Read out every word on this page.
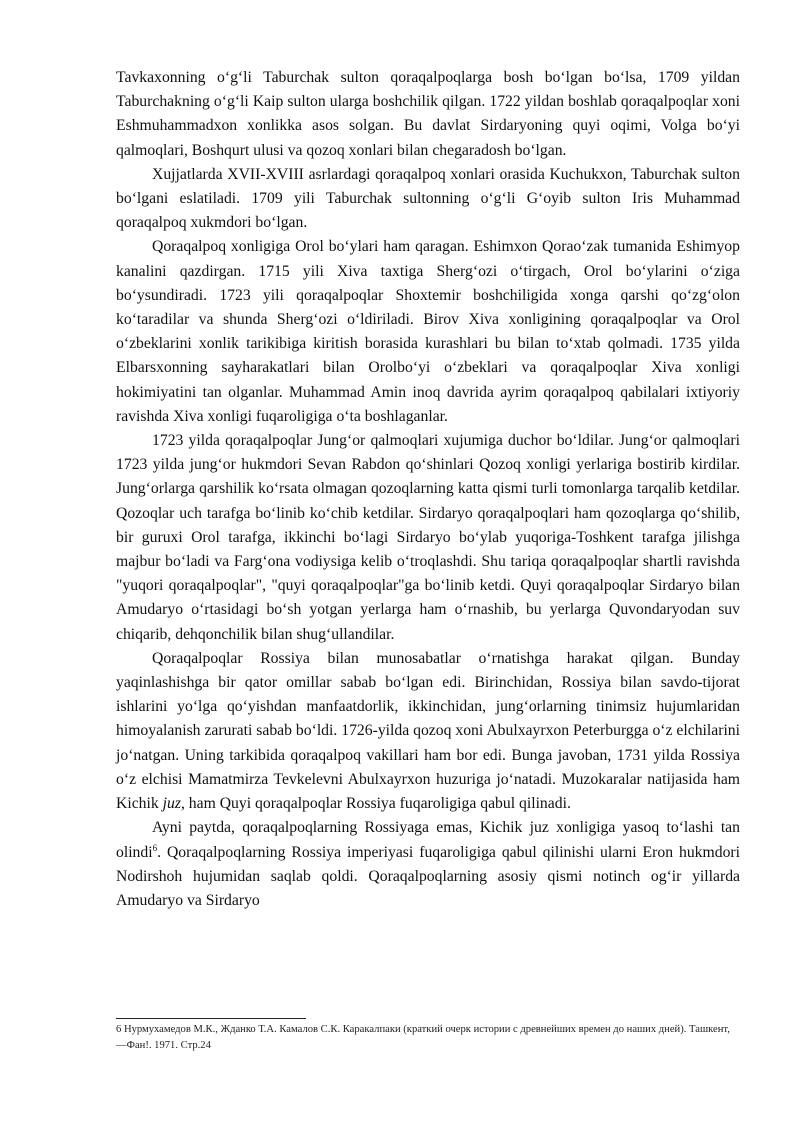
Tavkaxonning o‘g‘li Taburchak sulton qoraqalpoqlarga bosh bo‘lgan bo‘lsa, 1709 yildan Taburchakning o‘g‘li Kaip sulton ularga boshchilik qilgan. 1722 yildan boshlab qoraqalpoqlar xoni Eshmuhammadxon xonlikka asos solgan. Bu davlat Sirdaryoning quyi oqimi, Volga bo‘yi qalmoqlari, Boshqurt ulusi va qozoq xonlari bilan chegaradosh bo‘lgan.

Xujjatlarda XVII-XVIII asrlardagi qoraqalpoq xonlari orasida Kuchukxon, Taburchak sulton bo‘lgani eslatiladi. 1709 yili Taburchak sultonning o‘g‘li G‘oyib sulton Iris Muhammad qoraqalpoq xukmdori bo‘lgan.

Qoraqalpoq xonligiga Orol bo‘ylari ham qaragan. Eshimxon Qorao‘zak tumanida Eshimyop kanalini qazdirgan. 1715 yili Xiva taxtiga Sherg‘ozi o‘tirgach, Orol bo‘ylarini o‘ziga bo‘ysundiradi. 1723 yili qoraqalpoqlar Shoxtemir boshchiligida xonga qarshi qo‘zg‘olon ko‘taradilar va shunda Sherg‘ozi o‘ldiriladi. Birov Xiva xonligining qoraqalpoqlar va Orol o‘zbeklarini xonlik tarikibiga kiritish borasida kurashlari bu bilan to‘xtab qolmadi. 1735 yilda Elbarsxonning sayharakatlari bilan Orolbo‘yi o‘zbeklari va qoraqalpoqlar Xiva xonligi hokimiyatini tan olganlar. Muhammad Amin inoq davrida ayrim qoraqalpoq qabilalari ixtiyoriy ravishda Xiva xonligi fuqaroligiga o‘ta boshlaganlar.

1723 yilda qoraqalpoqlar Jung‘or qalmoqlari xujumiga duchor bo‘ldilar. Jung‘or qalmoqlari 1723 yilda jung‘or hukmdori Sevan Rabdon qo‘shinlari Qozoq xonligi yerlariga bostirib kirdilar. Jung‘orlarga qarshilik ko‘rsata olmagan qozoqlarning katta qismi turli tomonlarga tarqalib ketdilar. Qozoqlar uch tarafga bo‘linib ko‘chib ketdilar. Sirdaryo qoraqalpoqlari ham qozoqlarga qo‘shilib, bir guruxi Orol tarafga, ikkinchi bo‘lagi Sirdaryo bo‘ylab yuqoriga-Toshkent tarafga jilishga majbur bo‘ladi va Farg‘ona vodiysiga kelib o‘troqlashdi. Shu tariqa qoraqalpoqlar shartli ravishda "yuqori qoraqalpoqlar", "quyi qoraqalpoqlar"ga bo‘linib ketdi. Quyi qoraqalpoqlar Sirdaryo bilan Amudaryo o‘rtasidagi bo‘sh yotgan yerlarga ham o‘rnashib, bu yerlarga Quvondaryodan suv chiqarib, dehqonchilik bilan shug‘ullandilar.

Qoraqalpoqlar Rossiya bilan munosabatlar o‘rnatishga harakat qilgan. Bunday yaqinlashishga bir qator omillar sabab bo‘lgan edi. Birinchidan, Rossiya bilan savdo-tijorat ishlarini yo‘lga qo‘yishdan manfaatdorlik, ikkinchidan, jung‘orlarning tinimsiz hujumlaridan himoyalanish zarurati sabab bo‘ldi. 1726-yilda qozoq xoni Abulxayrxon Peterburgga o‘z elchilarini jo‘natgan. Uning tarkibida qoraqalpoq vakillari ham bor edi. Bunga javoban, 1731 yilda Rossiya o‘z elchisi Mamatmirza Tevkelevni Abulxayrxon huzuriga jo‘natadi. Muzokaralar natijasida ham Kichik juz, ham Quyi qoraqalpoqlar Rossiya fuqaroligiga qabul qilinadi.

Ayni paytda, qoraqalpoqlarning Rossiyaga emas, Kichik juz xonligiga yasoq to‘lashi tan olindi$^6$. Qoraqalpoqlarning Rossiya imperiyasi fuqaroligiga qabul qilinishi ularni Eron hukmdori Nodirshoh hujumidan saqlab qoldi. Qoraqalpoqlarning asosiy qismi notinch og‘ir yillarda Amudaryo va Sirdaryo

6 Нурмухамедов М.К., Жданко Т.А. Камалов С.К. Каракалпаки (краткий очерк истории с древнейших времен до наших дней). Ташкент, —Фан!. 1971. Стр.24
